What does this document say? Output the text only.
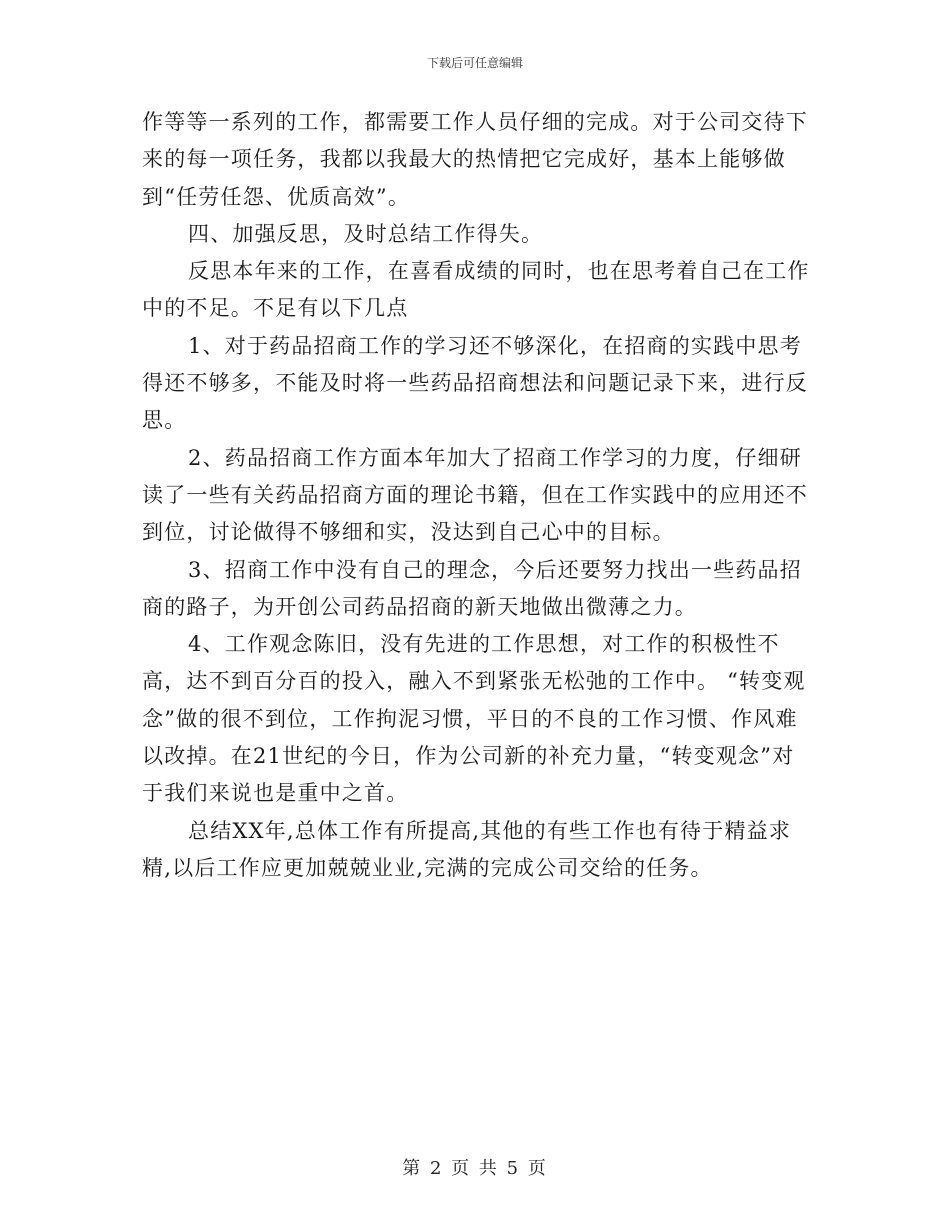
下载后可任意编辑

作等等一系列的工作，都需要工作人员仔细的完成。对于公司交待下来的每一项任务，我都以我最大的热情把它完成好，基本上能够做到“任劳任怨、优质高效”。

四、加强反思，及时总结工作得失。

反思本年来的工作，在喜看成绩的同时，也在思考着自己在工作中的不足。不足有以下几点

1、对于药品招商工作的学习还不够深化，在招商的实践中思考得还不够多，不能及时将一些药品招商想法和问题记录下来，进行反思。

2、药品招商工作方面本年加大了招商工作学习的力度，仔细研读了一些有关药品招商方面的理论书籍，但在工作实践中的应用还不到位，讨论做得不够细和实，没达到自己心中的目标。

3、招商工作中没有自己的理念，今后还要努力找出一些药品招商的路子，为开创公司药品招商的新天地做出微薄之力。

4、工作观念陈旧，没有先进的工作思想，对工作的积极性不高，达不到百分百的投入，融入不到紧张无松弛的工作中。 “转变观念”做的很不到位，工作拘泥习惯，平日的不良的工作习惯、作风难以改掉。在21世纪的今日，作为公司新的补充力量，“转变观念”对于我们来说也是重中之首。

总结XX年,总体工作有所提高,其他的有些工作也有待于精益求精,以后工作应更加兢兢业业,完满的完成公司交给的任务。

第 2 页 共 5 页
